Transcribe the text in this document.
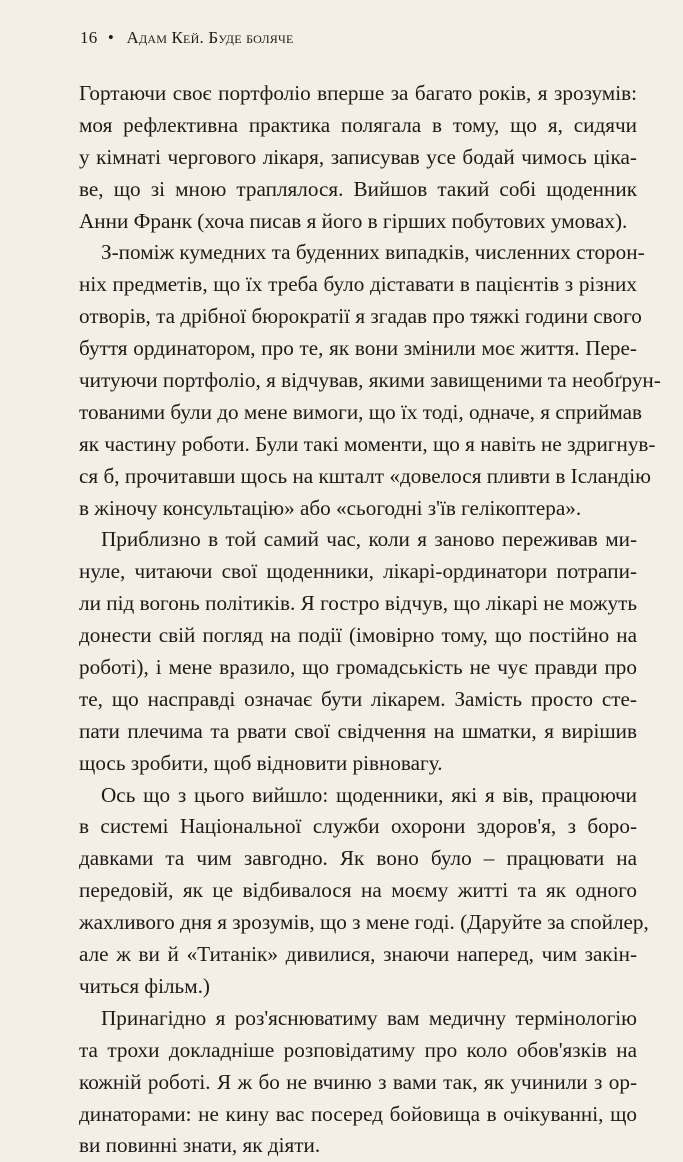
16 • Адам Кей. Буде боляче
Гортаючи своє портфоліо вперше за багато років, я зрозумів:
моя рефлективна практика полягала в тому, що я, сидячи
у кімнаті чергового лікаря, записував усе бодай чимось ціка-
ве, що зі мною траплялося. Вийшов такий собі щоденник
Анни Франк (хоча писав я його в гірших побутових умовах).
З-поміж кумедних та буденних випадків, численних сторон-
ніх предметів, що їх треба було діставати в пацієнтів з різних
отворів, та дрібної бюрократії я згадав про тяжкі години свого
буття ординатором, про те, як вони змінили моє життя. Пере-
читуючи портфоліо, я відчував, якими завищеними та необґрун-
тованими були до мене вимоги, що їх тоді, одначе, я сприймав
як частину роботи. Були такі моменти, що я навіть не здригнув-
ся б, прочитавши щось на кшталт «довелося пливти в Ісландію
в жіночу консультацію» або «сьогодні з'їв гелікоптера».
Приблизно в той самий час, коли я заново переживав ми-
нуле, читаючи свої щоденники, лікарі-ординатори потрапи-
ли під вогонь політиків. Я гостро відчув, що лікарі не можуть
донести свій погляд на події (імовірно тому, що постійно на
роботі), і мене вразило, що громадськість не чує правди про
те, що насправді означає бути лікарем. Замість просто сте-
пати плечима та рвати свої свідчення на шматки, я вирішив
щось зробити, щоб відновити рівновагу.
Ось що з цього вийшло: щоденники, які я вів, працюючи
в системі Національної служби охорони здоров'я, з боро-
давками та чим завгодно. Як воно було – працювати на
передовій, як це відбивалося на моєму житті та як одного
жахливого дня я зрозумів, що з мене годі. (Даруйте за спойлер,
але ж ви й «Титанік» дивилися, знаючи наперед, чим закін-
читься фільм.)
Принагідно я роз'яснюватиму вам медичну термінологію
та трохи докладніше розповідатиму про коло обов'язків на
кожній роботі. Я ж бо не вчиню з вами так, як учинили з ор-
динаторами: не кину вас посеред бойовища в очікуванні, що
ви повинні знати, як діяти.
